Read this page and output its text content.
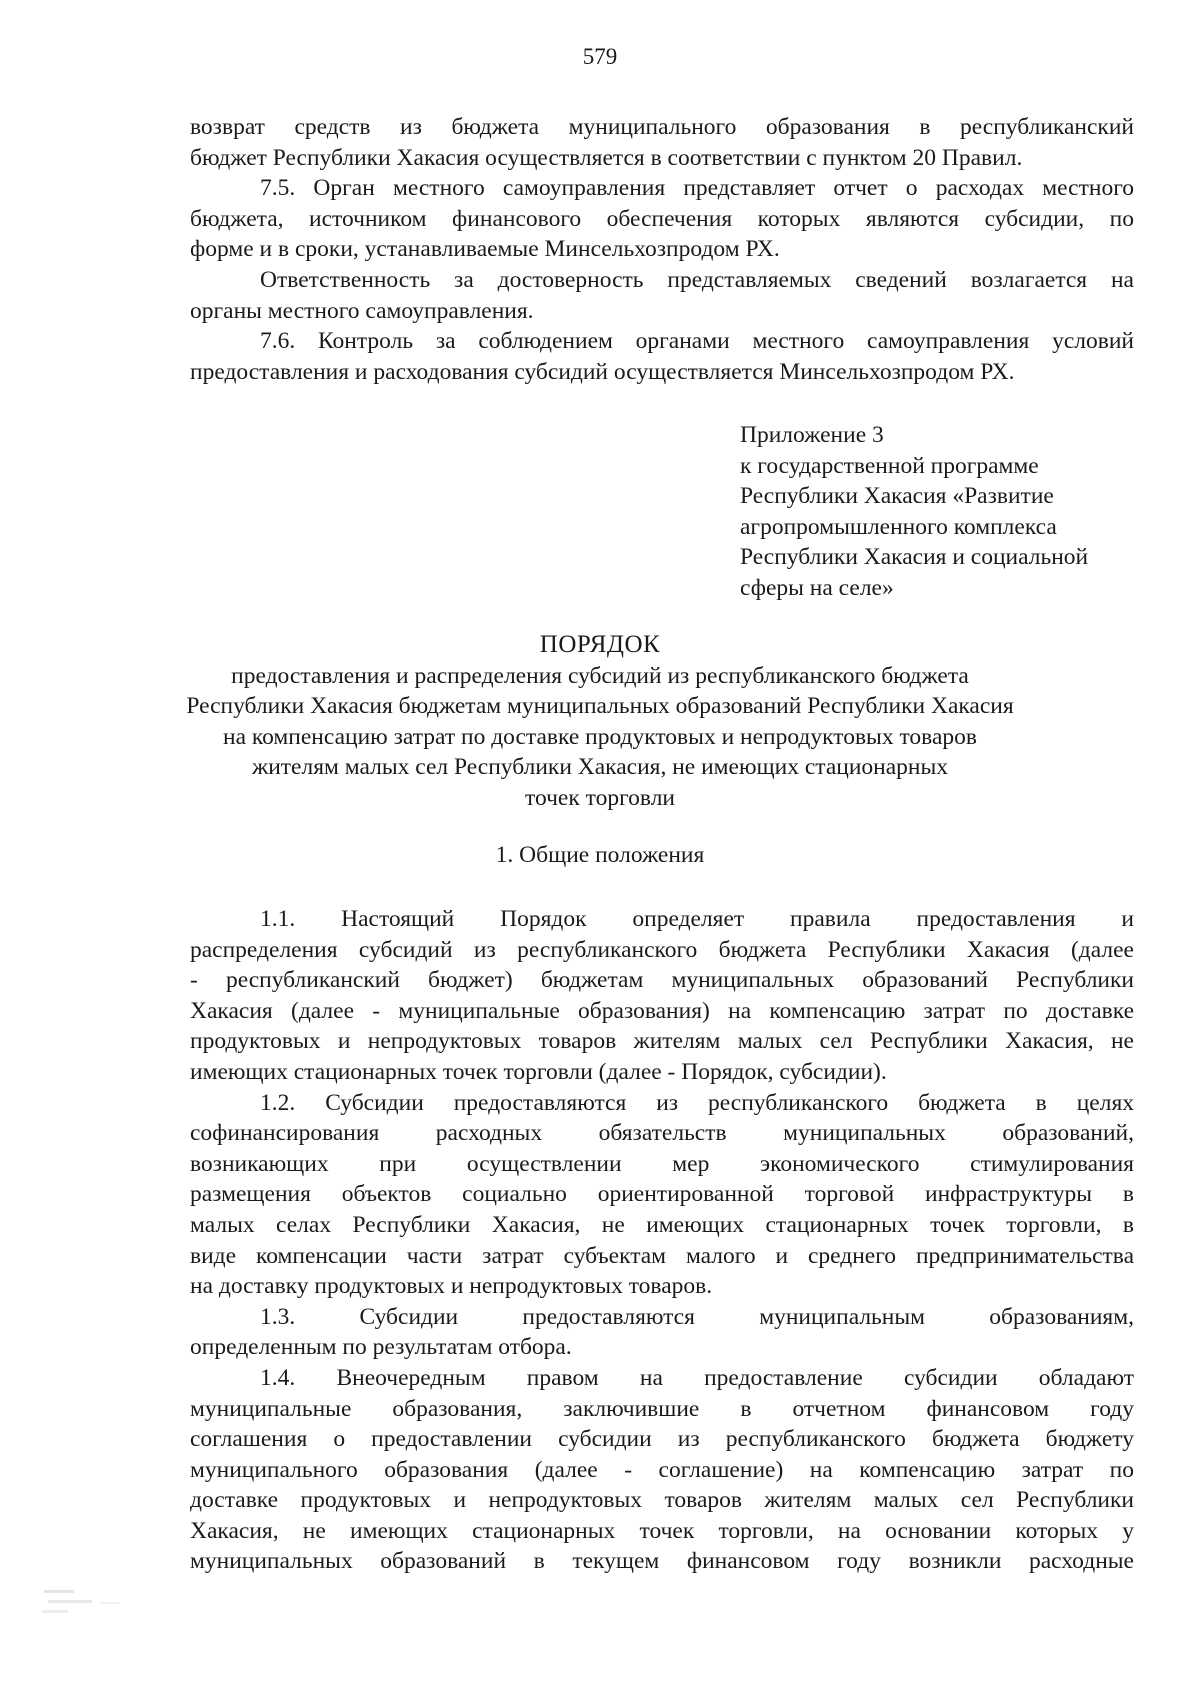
579

возврат средств из бюджета муниципального образования в республиканский

бюджет Республики Хакасия осуществляется в соответствии с пунктом 20 Правил.

7.5. Орган местного самоуправления представляет отчет о расходах местного

бюджета, источником финансового обеспечения которых являются субсидии, по

форме и в сроки, устанавливаемые Минсельхозпродом РХ.

Ответственность за достоверность представляемых сведений возлагается на

органы местного самоуправления.

7.6. Контроль за соблюдением органами местного самоуправления условий

предоставления и расходования субсидий осуществляется Минсельхозпродом РХ.

Приложение 3
к государственной программе
Республики Хакасия «Развитие
агропромышленного комплекса
Республики Хакасия и социальной
сферы на селе»
ПОРЯДОК
предоставления и распределения субсидий из республиканского бюджета
Республики Хакасия бюджетам муниципальных образований Республики Хакасия
на компенсацию затрат по доставке продуктовых и непродуктовых товаров
жителям малых сел Республики Хакасия, не имеющих стационарных
точек торговли
1. Общие положения

1.1. Настоящий Порядок определяет правила предоставления и

распределения субсидий из республиканского бюджета Республики Хакасия (далее

- республиканский бюджет) бюджетам муниципальных образований Республики

Хакасия (далее - муниципальные образования) на компенсацию затрат по доставке

продуктовых и непродуктовых товаров жителям малых сел Республики Хакасия, не

имеющих стационарных точек торговли (далее - Порядок, субсидии).

1.2. Субсидии предоставляются из республиканского бюджета в целях

софинансирования расходных обязательств муниципальных образований,

возникающих при осуществлении мер экономического стимулирования

размещения объектов социально ориентированной торговой инфраструктуры в

малых селах Республики Хакасия, не имеющих стационарных точек торговли, в

виде компенсации части затрат субъектам малого и среднего предпринимательства

на доставку продуктовых и непродуктовых товаров.

1.3. Субсидии предоставляются муниципальным образованиям,

определенным по результатам отбора.

1.4. Внеочередным правом на предоставление субсидии обладают

муниципальные образования, заключившие в отчетном финансовом году

соглашения о предоставлении субсидии из республиканского бюджета бюджету

муниципального образования (далее - соглашение) на компенсацию затрат по

доставке продуктовых и непродуктовых товаров жителям малых сел Республики

Хакасия, не имеющих стационарных точек торговли, на основании которых у

муниципальных образований в текущем финансовом году возникли расходные
